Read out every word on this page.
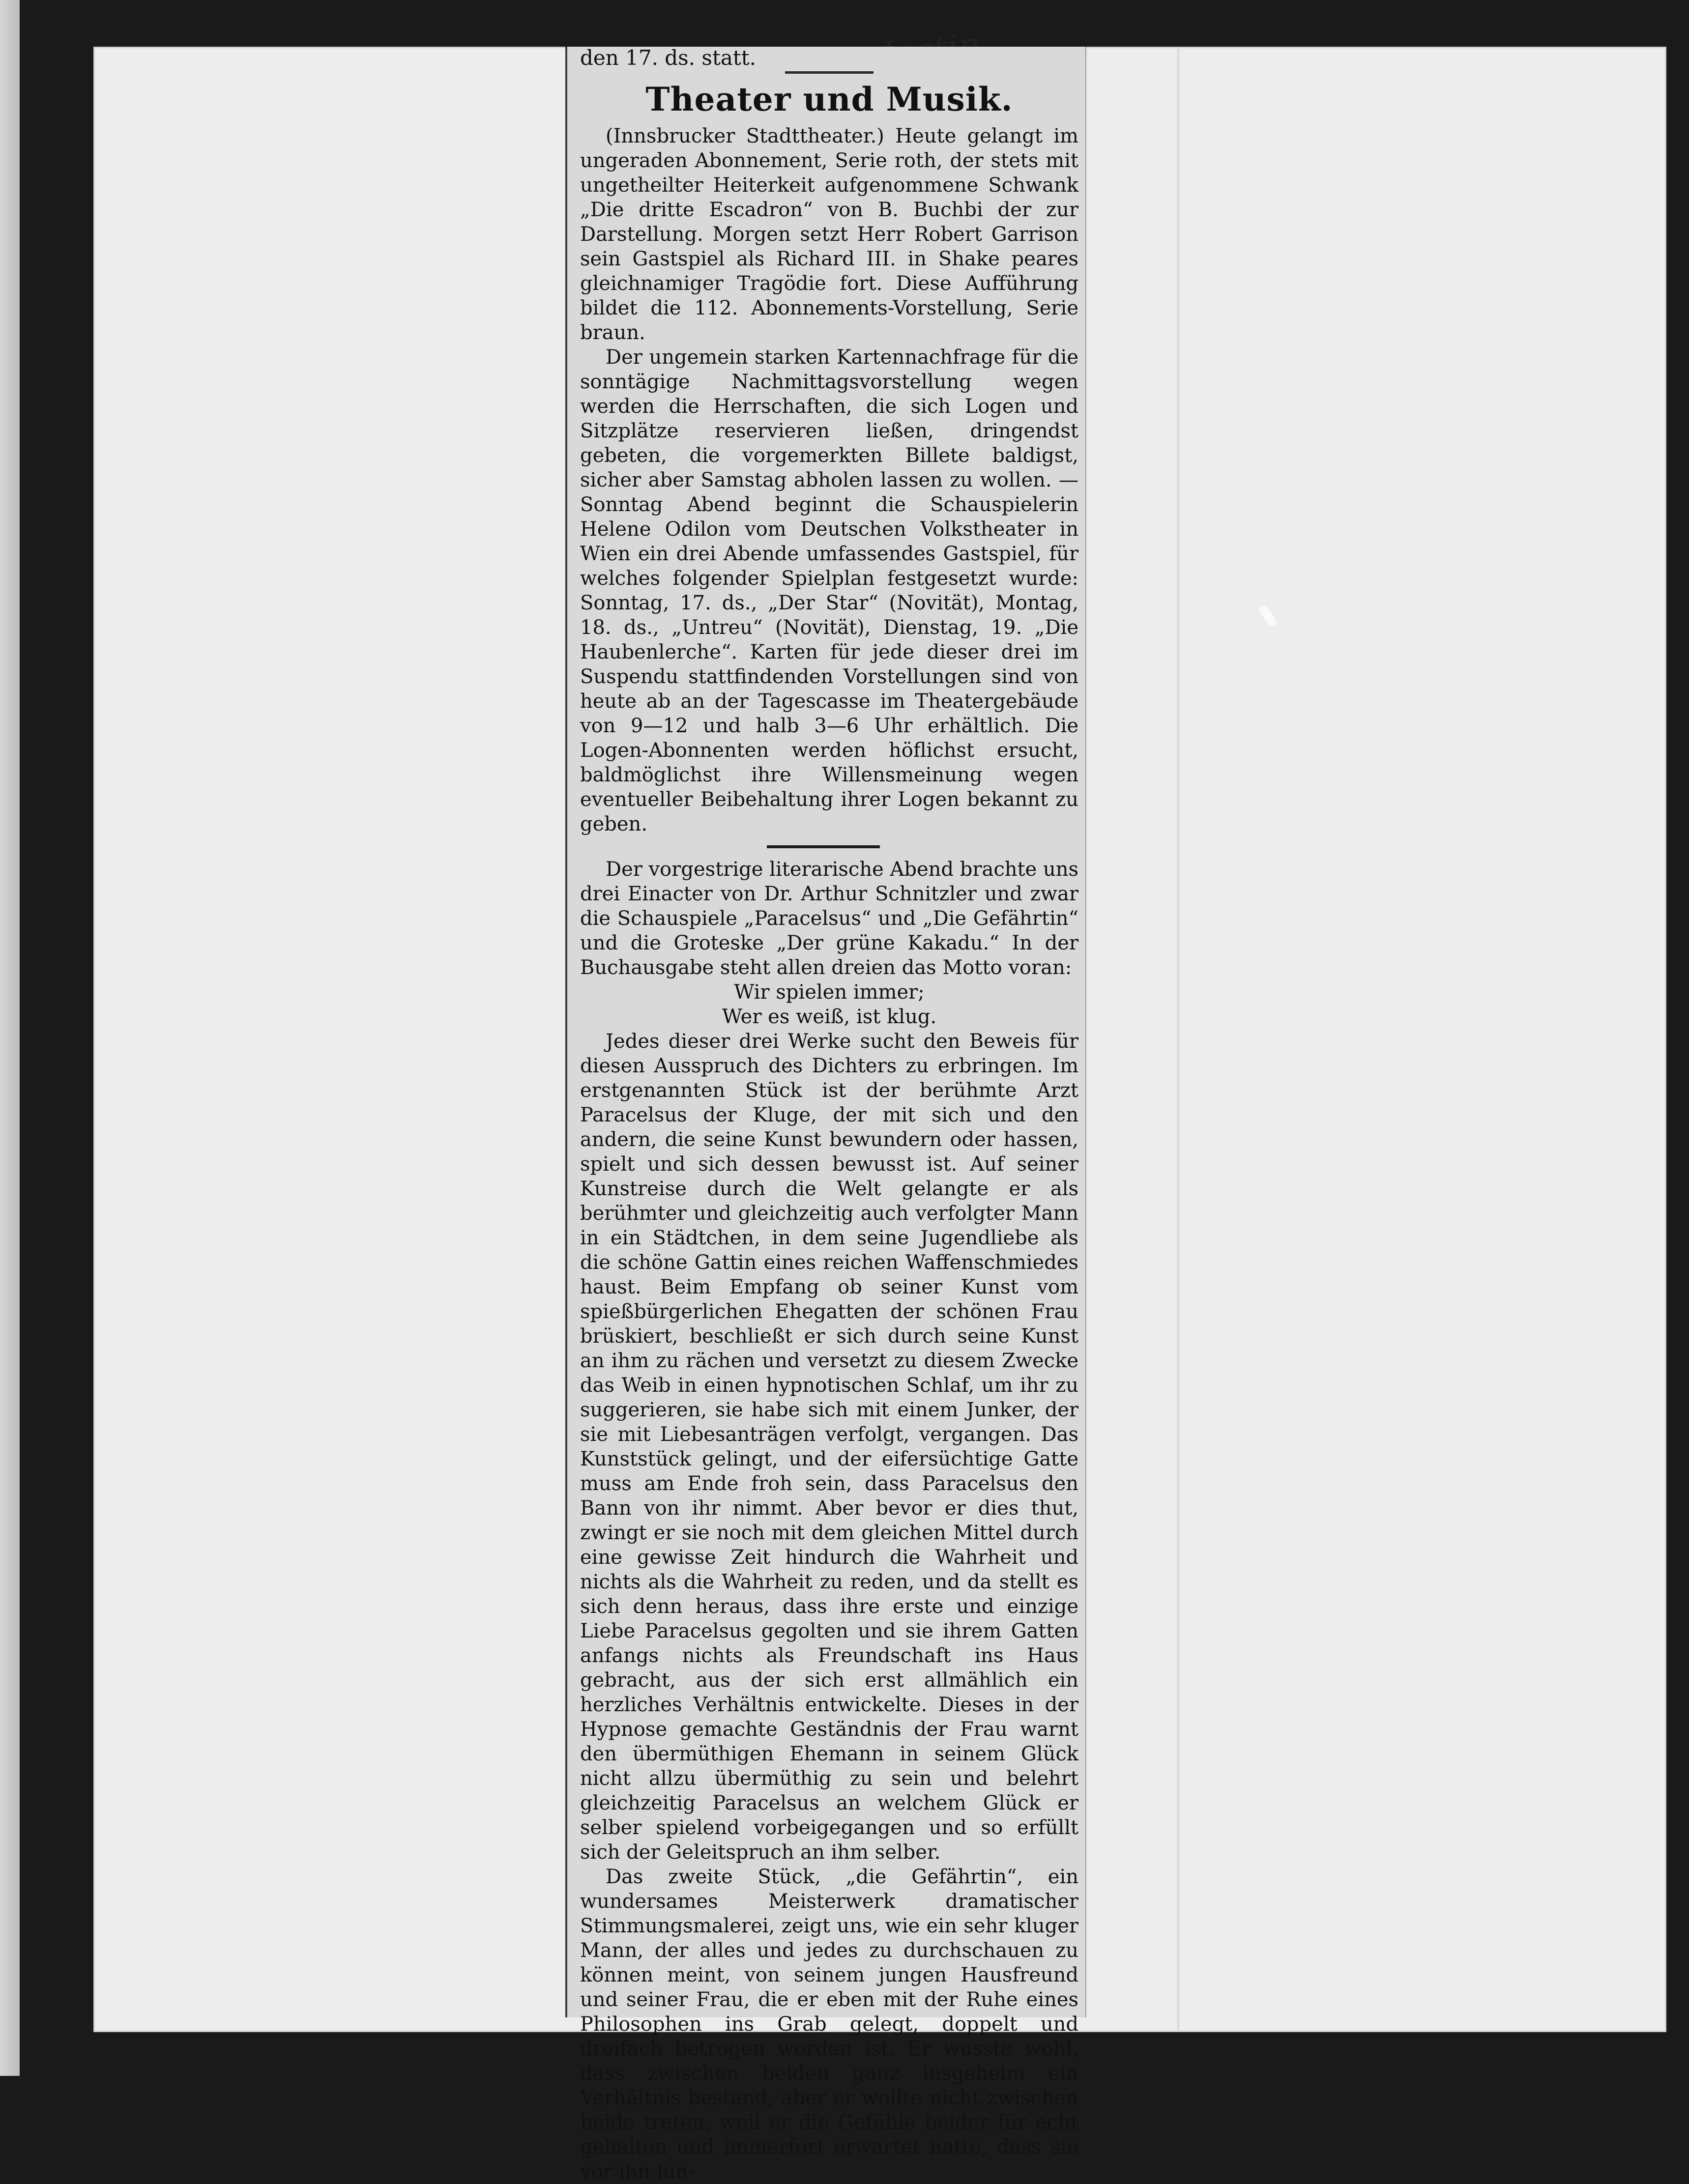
den 17. ds. statt.
Theater und Musik.

(Innsbrucker Stadttheater.) Heute gelangt im ungeraden Abonnement, Serie roth, der stets mit ungetheilter Heiterkeit aufgenommene Schwank „Die dritte Escadron“ von B. Buchbi der zur Darstellung. Morgen setzt Herr Robert Garrison sein Gastspiel als Richard III. in Shake peares gleichnamiger Tragödie fort. Diese Aufführung bildet die 112. Abonnements-Vorstellung, Serie braun.

Der ungemein starken Kartennachfrage für die sonntägige Nachmittagsvorstellung wegen werden die Herrschaften, die sich Logen und Sitzplätze reservieren ließen, dringendst gebeten, die vorgemerkten Billete baldigst, sicher aber Samstag abholen lassen zu wollen. — Sonntag Abend beginnt die Schauspielerin Helene Odilon vom Deutschen Volkstheater in Wien ein drei Abende umfassendes Gastspiel, für welches folgender Spielplan festgesetzt wurde: Sonntag, 17. ds., „Der Star“ (Novität), Montag, 18. ds., „Untreu“ (Novität), Dienstag, 19. „Die Haubenlerche“. Karten für jede dieser drei im Suspendu stattfindenden Vorstellungen sind von heute ab an der Tagescasse im Theatergebäude von 9—12 und halb 3—6 Uhr erhältlich. Die Logen-Abonnenten werden höflichst ersucht, baldmöglichst ihre Willensmeinung wegen eventueller Beibehaltung ihrer Logen bekannt zu geben.

Der vorgestrige literarische Abend brachte uns drei Einacter von Dr. Arthur Schnitzler und zwar die Schauspiele „Paracelsus“ und „Die Gefährtin“ und die Groteske „Der grüne Kakadu.“ In der Buchausgabe steht allen dreien das Motto voran:

Wir spielen immer;

Wer es weiß, ist klug.

Jedes dieser drei Werke sucht den Beweis für diesen Ausspruch des Dichters zu erbringen. Im erstgenannten Stück ist der berühmte Arzt Paracelsus der Kluge, der mit sich und den andern, die seine Kunst bewundern oder hassen, spielt und sich dessen bewusst ist. Auf seiner Kunstreise durch die Welt gelangte er als berühmter und gleichzeitig auch verfolgter Mann in ein Städtchen, in dem seine Jugendliebe als die schöne Gattin eines reichen Waffenschmiedes haust. Beim Empfang ob seiner Kunst vom spießbürgerlichen Ehegatten der schönen Frau brüskiert, beschließt er sich durch seine Kunst an ihm zu rächen und versetzt zu diesem Zwecke das Weib in einen hypnotischen Schlaf, um ihr zu suggerieren, sie habe sich mit einem Junker, der sie mit Liebesanträgen verfolgt, vergangen. Das Kunststück gelingt, und der eifersüchtige Gatte muss am Ende froh sein, dass Paracelsus den Bann von ihr nimmt. Aber bevor er dies thut, zwingt er sie noch mit dem gleichen Mittel durch eine gewisse Zeit hindurch die Wahrheit und nichts als die Wahrheit zu reden, und da stellt es sich denn heraus, dass ihre erste und einzige Liebe Paracelsus gegolten und sie ihrem Gatten anfangs nichts als Freundschaft ins Haus gebracht, aus der sich erst allmählich ein herzliches Verhältnis entwickelte. Dieses in der Hypnose gemachte Geständnis der Frau warnt den übermüthigen Ehemann in seinem Glück nicht allzu übermüthig zu sein und belehrt gleichzeitig Paracelsus an welchem Glück er selber spielend vorbeigegangen und so erfüllt sich der Geleitspruch an ihm selber.

Das zweite Stück, „die Gefährtin“, ein wundersames Meisterwerk dramatischer Stimmungsmalerei, zeigt uns, wie ein sehr kluger Mann, der alles und jedes zu durchschauen zu können meint, von seinem jungen Hausfreund und seiner Frau, die er eben mit der Ruhe eines Philosophen ins Grab gelegt, doppelt und dreifach betrogen worden ist. Er wusste wohl, dass zwischen beiden ganz insgeheim ein Verhältnis bestand, aber er wollte nicht zwischen beide treten, weil er die Gefühle beider für echt gehalten und immerfort erwartet hatte, dass sie vor ihn hin-
